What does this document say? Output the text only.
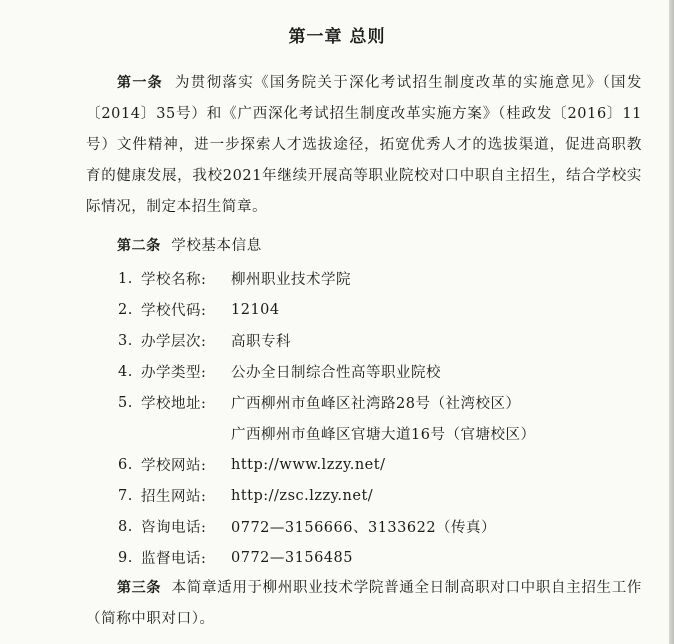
第一章 总则
第一条 为贯彻落实《国务院关于深化考试招生制度改革的实施意见》（国发〔2014〕35号）和《广西深化考试招生制度改革实施方案》（桂政发〔2016〕11号）文件精神，进一步探索人才选拔途径，拓宽优秀人才的选拔渠道，促进高职教育的健康发展，我校2021年继续开展高等职业院校对口中职自主招生，结合学校实际情况，制定本招生简章。
第二条 学校基本信息
1. 学校名称:	柳州职业技术学院
2. 学校代码:	12104
3. 办学层次:	高职专科
4. 办学类型:	公办全日制综合性高等职业院校
5. 学校地址:	广西柳州市鱼峰区社湾路28号（社湾校区）
广西柳州市鱼峰区官塘大道16号（官塘校区）
6. 学校网站:	http://www.lzzy.net/
7. 招生网站:	http://zsc.lzzy.net/
8. 咨询电话:	0772—3156666、3133622（传真）
9. 监督电话:	0772—3156485
第三条 本简章适用于柳州职业技术学院普通全日制高职对口中职自主招生工作（简称中职对口）。
